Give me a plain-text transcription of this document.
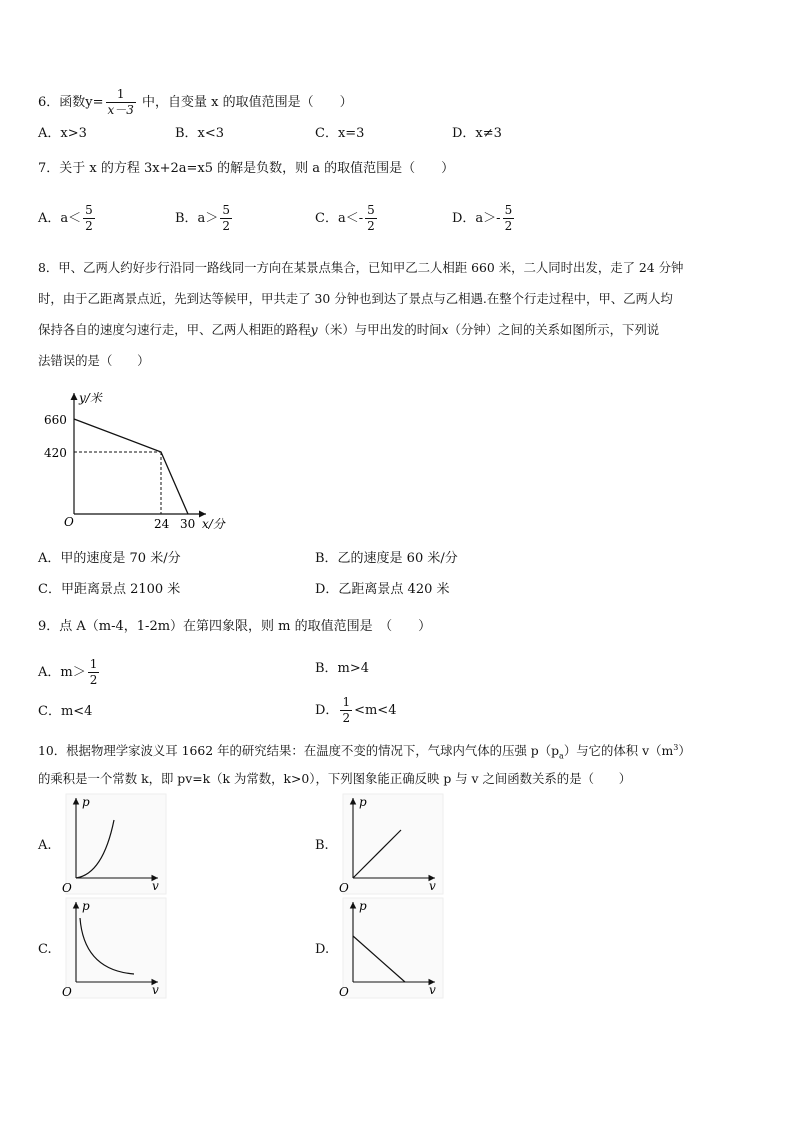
6．函数$y= \frac{1}{x-3}$ 中，自变量 x 的取值范围是（　　）
A．x>3	B．x<3	C．x=3	D．x≠3
7．关于 x 的方程 3x+2a=x5 的解是负数，则 a 的取值范围是（　　）
A．$a< \frac{5}{2}$	B．$a> \frac{5}{2}$	C．$a<- \frac{5}{2}$	D．$a>- \frac{5}{2}$
8．甲、乙两人约好步行沿同一路线同一方向在某景点集合，已知甲乙二人相距 660 米，二人同时出发，走了 24 分钟
时，由于乙距离景点近，先到达等候甲，甲共走了 30 分钟也到达了景点与乙相遇.在整个行走过程中，甲、乙两人均
保持各自的速度匀速行走，甲、乙两人相距的路程y（米）与甲出发的时间x（分钟）之间的关系如图所示，下列说
法错误的是（　　）
y/米
660
420
O	24 30 x/分
A．甲的速度是 70 米/分	B．乙的速度是 60 米/分
C．甲距离景点 2100 米	D．乙距离景点 420 米
9．点 A（m-4，1-2m）在第四象限，则 m 的取值范围是　（　　）
A．$m> \frac{1}{2}$	B．m>4
C．m<4	D． $\frac{1}{2} <m<4$
10．根据物理学家波义耳 1662 年的研究结果：在温度不变的情况下，气球内气体的压强 $p(p_a)$与它的体积 $v(m^3)$
的乘积是一个常数 k，即 pv=k（k 为常数，k>0），下列图象能正确反映 p 与 v 之间函数关系的是（　　）
A.
p
O	v
B.
p
O	v
C.
p
O	v
D.
p
O	v
